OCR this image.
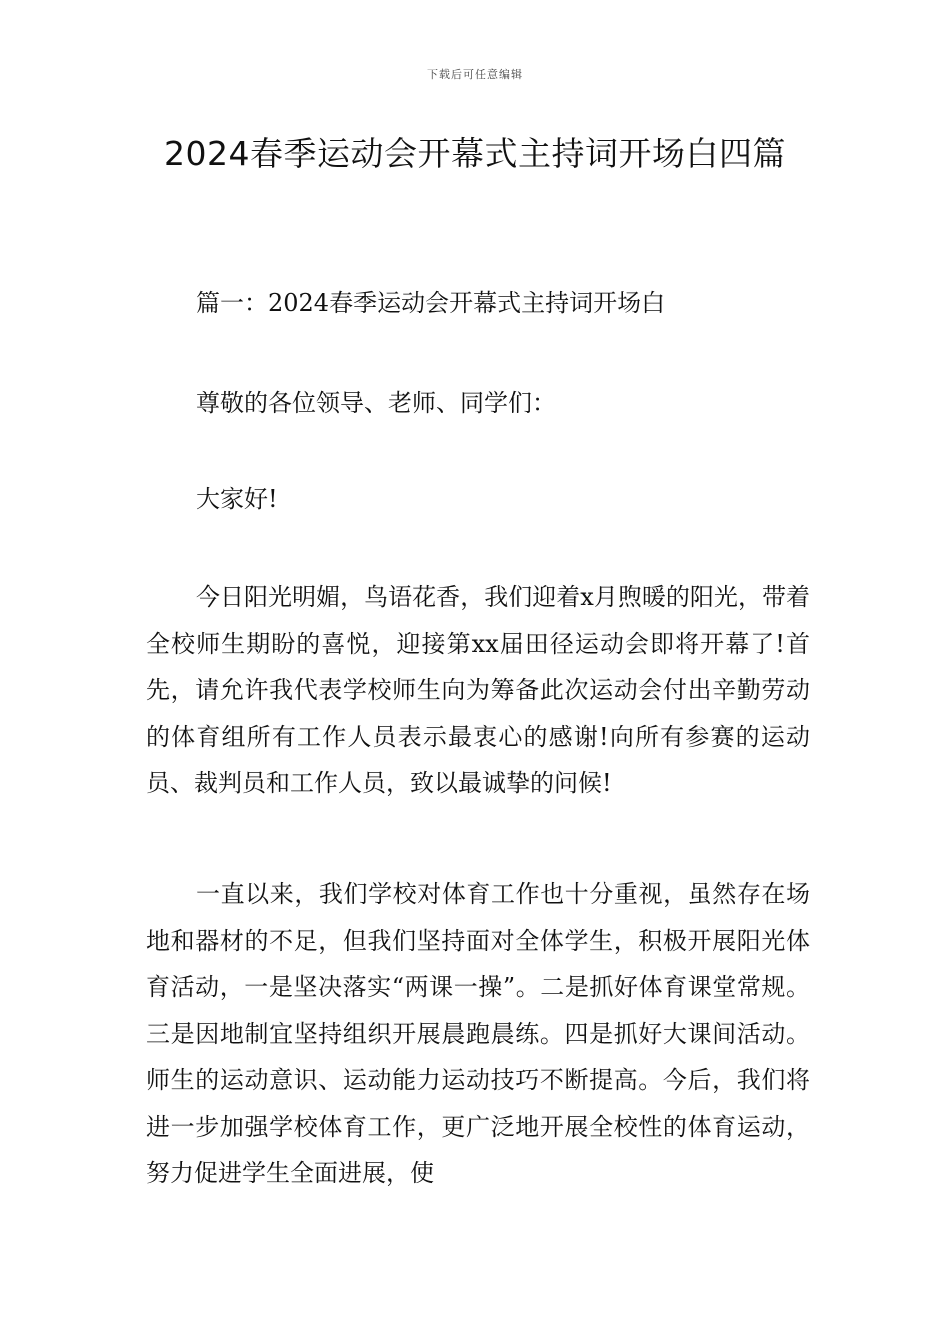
下载后可任意编辑
2024春季运动会开幕式主持词开场白四篇

篇一：2024春季运动会开幕式主持词开场白

尊敬的各位领导、老师、同学们：

大家好!

今日阳光明媚，鸟语花香，我们迎着x月煦暖的阳光，带着全校师生期盼的喜悦，迎接第xx届田径运动会即将开幕了!首先，请允许我代表学校师生向为筹备此次运动会付出辛勤劳动的体育组所有工作人员表示最衷心的感谢!向所有参赛的运动员、裁判员和工作人员，致以最诚挚的问候!

一直以来，我们学校对体育工作也十分重视，虽然存在场地和器材的不足，但我们坚持面对全体学生，积极开展阳光体育活动，一是坚决落实“两课一操”。二是抓好体育课堂常规。三是因地制宜坚持组织开展晨跑晨练。四是抓好大课间活动。师生的运动意识、运动能力运动技巧不断提高。今后，我们将进一步加强学校体育工作，更广泛地开展全校性的体育运动，努力促进学生全面进展，使
